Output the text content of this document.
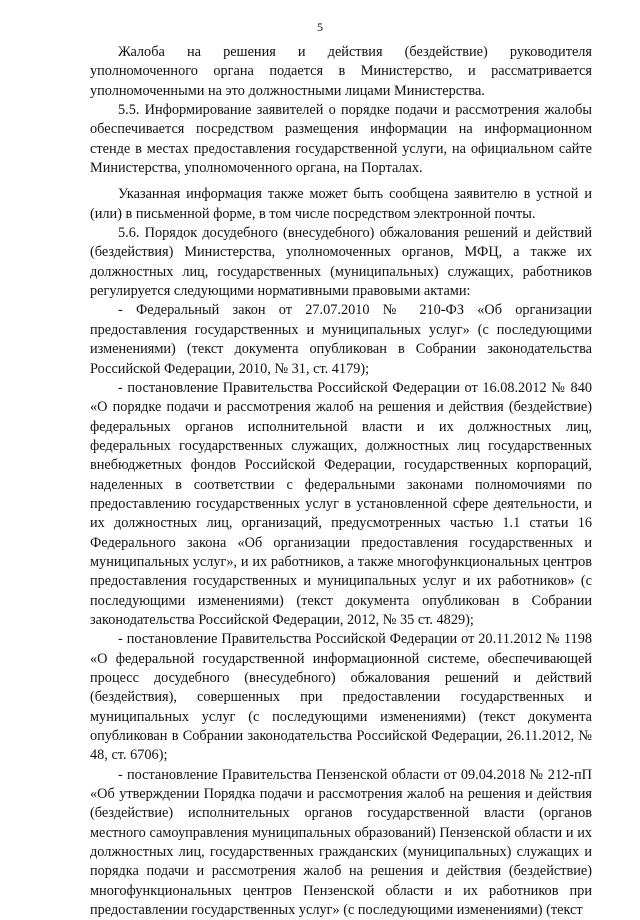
5

Жалоба на решения и действия (бездействие) руководителя уполномоченного органа подается в Министерство, и рассматривается уполномоченными на это должностными лицами Министерства.

5.5. Информирование заявителей о порядке подачи и рассмотрения жалобы обеспечивается посредством размещения информации на информационном стенде в местах предоставления государственной услуги, на официальном сайте Министерства, уполномоченного органа, на Порталах.

Указанная информация также может быть сообщена заявителю в устной и (или) в письменной форме, в том числе посредством электронной почты.

5.6. Порядок досудебного (внесудебного) обжалования решений и действий (бездействия) Министерства, уполномоченных органов, МФЦ, а также их должностных лиц, государственных (муниципальных) служащих, работников регулируется следующими нормативными правовыми актами:

- Федеральный закон от 27.07.2010 № 210-ФЗ «Об организации предоставления государственных и муниципальных услуг» (с последующими изменениями) (текст документа опубликован в Собрании законодательства Российской Федерации, 2010, № 31, ст. 4179);

- постановление Правительства Российской Федерации от 16.08.2012 № 840 «О порядке подачи и рассмотрения жалоб на решения и действия (бездействие) федеральных органов исполнительной власти и их должностных лиц, федеральных государственных служащих, должностных лиц государственных внебюджетных фондов Российской Федерации, государственных корпораций, наделенных в соответствии с федеральными законами полномочиями по предоставлению государственных услуг в установленной сфере деятельности, и их должностных лиц, организаций, предусмотренных частью 1.1 статьи 16 Федерального закона «Об организации предоставления государственных и муниципальных услуг», и их работников, а также многофункциональных центров предоставления государственных и муниципальных услуг и их работников» (с последующими изменениями) (текст документа опубликован в Собрании законодательства Российской Федерации, 2012, № 35 ст. 4829);

- постановление Правительства Российской Федерации от 20.11.2012 № 1198 «О федеральной государственной информационной системе, обеспечивающей процесс досудебного (внесудебного) обжалования решений и действий (бездействия), совершенных при предоставлении государственных и муниципальных услуг (с последующими изменениями) (текст документа опубликован в Собрании законодательства Российской Федерации, 26.11.2012, № 48, ст. 6706);

- постановление Правительства Пензенской области от 09.04.2018 № 212-пП «Об утверждении Порядка подачи и рассмотрения жалоб на решения и действия (бездействие) исполнительных органов государственной власти (органов местного самоуправления муниципальных образований) Пензенской области и их должностных лиц, государственных гражданских (муниципальных) служащих и порядка подачи и рассмотрения жалоб на решения и действия (бездействие) многофункциональных центров Пензенской области и их работников при предоставлении государственных услуг» (с последующими изменениями) (текст
